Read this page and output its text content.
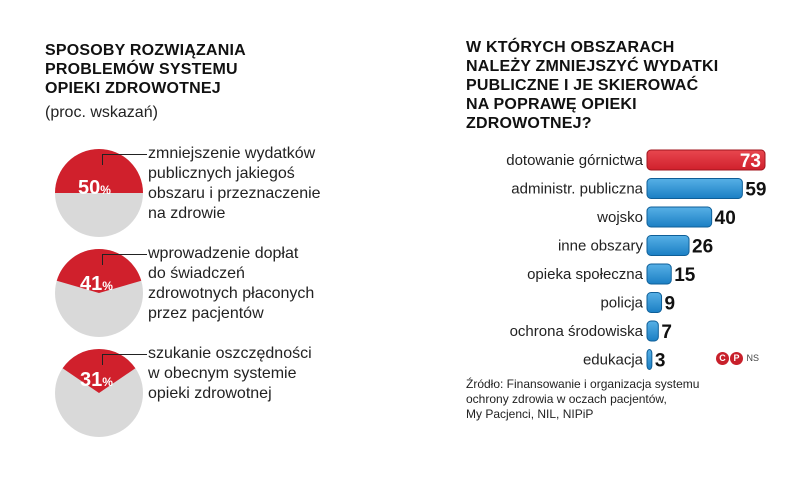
SPOSOBY ROZWIĄZANIA
PROBLEMÓW SYSTEMU
OPIEKI ZDROWOTNEJ
(proc. wskazań)
50%
zmniejszenie wydatków
publicznych jakiegoś
obszaru i przeznaczenie
na zdrowie
41%
wprowadzenie dopłat
do świadczeń
zdrowotnych płaconych
przez pacjentów
31%
szukanie oszczędności
w obecnym systemie
opieki zdrowotnej
W KTÓRYCH OBSZARACH
NALEŻY ZMNIEJSZYĆ WYDATKI
PUBLICZNE I JE SKIEROWAĆ
NA POPRAWĘ OPIEKI
ZDROWOTNEJ?
dotowanie górnictwa	73
administr. publiczna	59
wojsko	40
inne obszary	26
opieka społeczna 15
policja 9
ochrona środowiska 7
edukacja 3	C P NS
Źródło: Finansowanie i organizacja systemu
ochrony zdrowia w oczach pacjentów,
My Pacjenci, NIL, NIPiP
